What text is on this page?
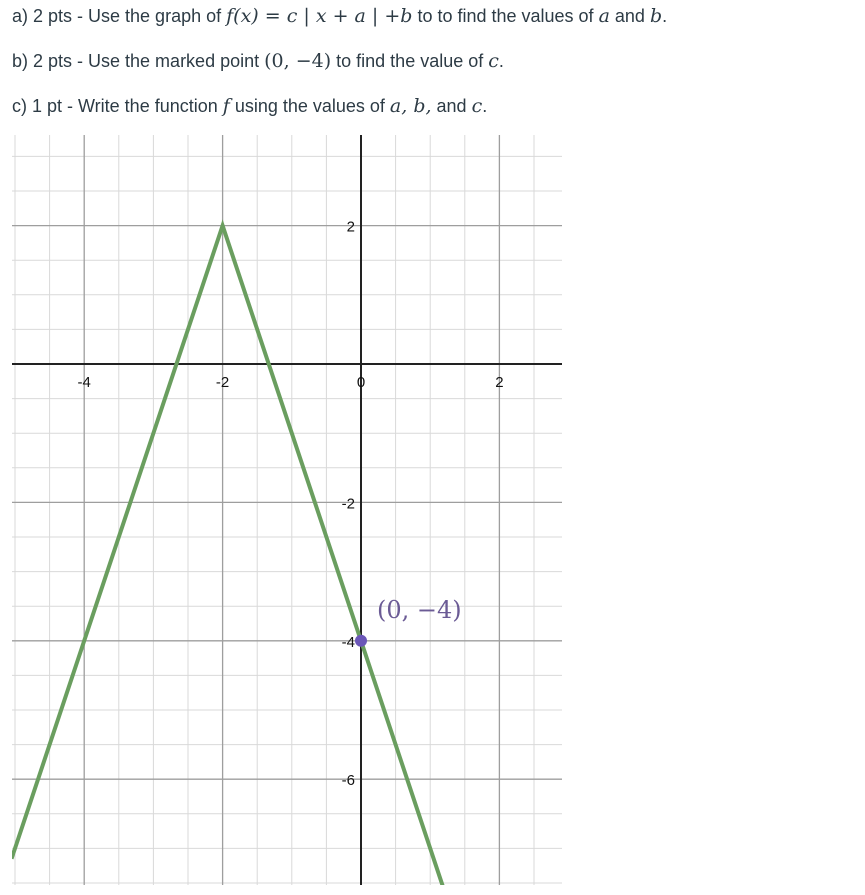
a) 2 pts - Use the graph of f(x) = c | x + a | +b to to find the values of a and b.
b) 2 pts - Use the marked point (0, −4) to find the value of c.
c) 1 pt - Write the function f using the values of a, b, and c.
-4	-2	0	2
2
-2
-4
-6
(0, −4)
